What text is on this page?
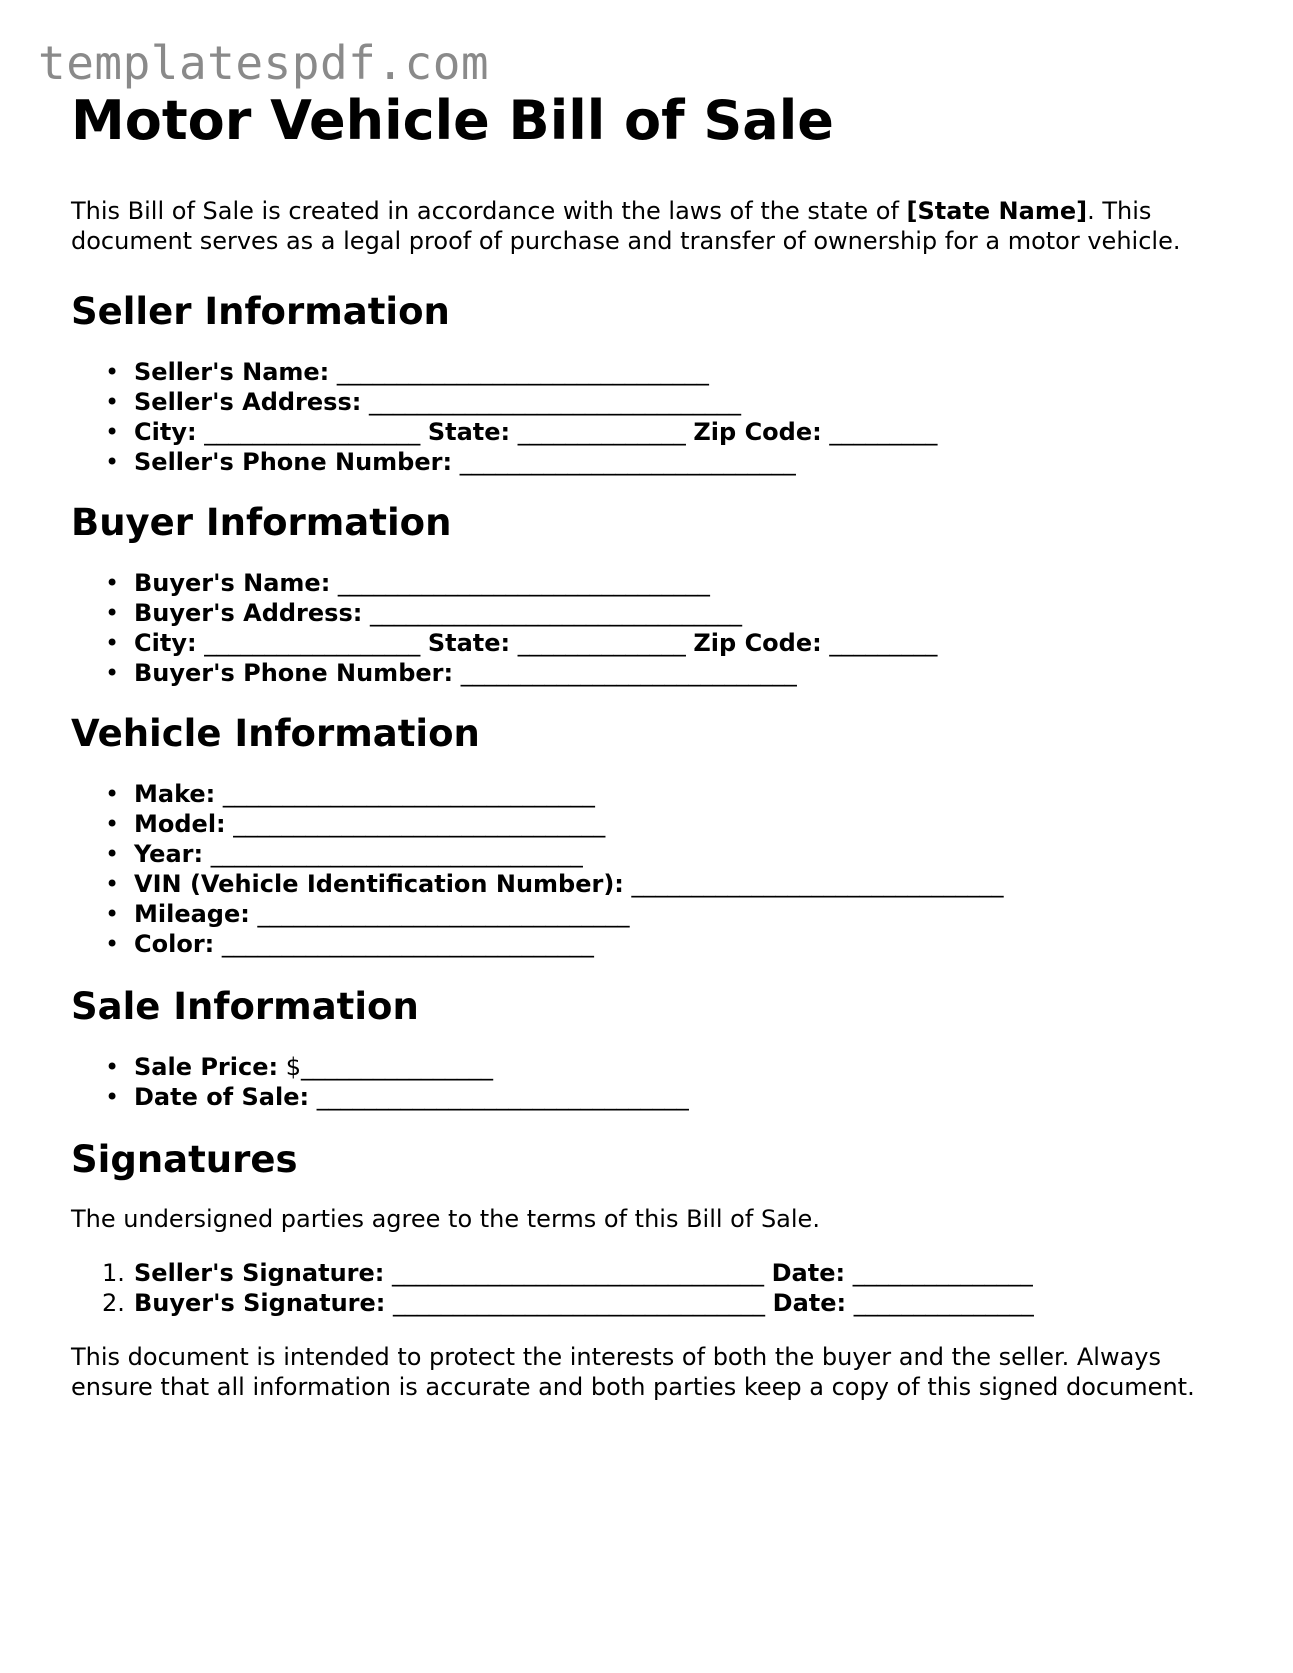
templatespdf.com
Motor Vehicle Bill of Sale

This Bill of Sale is created in accordance with the laws of the state of [State Name]. This document serves as a legal proof of purchase and transfer of ownership for a motor vehicle.

Seller Information
• Seller's Name: _______________________________
• Seller's Address: _______________________________
• City: __________________ State: ______________ Zip Code: _________
• Seller's Phone Number: ____________________________
Buyer Information
• Buyer's Name: _______________________________
• Buyer's Address: _______________________________
• City: __________________ State: ______________ Zip Code: _________
• Buyer's Phone Number: ____________________________
Vehicle Information
• Make: _______________________________
• Model: _______________________________
• Year: _______________________________
• VIN (Vehicle Identification Number): _______________________________
• Mileage: _______________________________
• Color: _______________________________
Sale Information
• Sale Price: $________________
• Date of Sale: _______________________________
Signatures

The undersigned parties agree to the terms of this Bill of Sale.

1. Seller's Signature: _______________________________ Date: _______________
2. Buyer's Signature: _______________________________ Date: _______________

This document is intended to protect the interests of both the buyer and the seller. Always ensure that all information is accurate and both parties keep a copy of this signed document.
